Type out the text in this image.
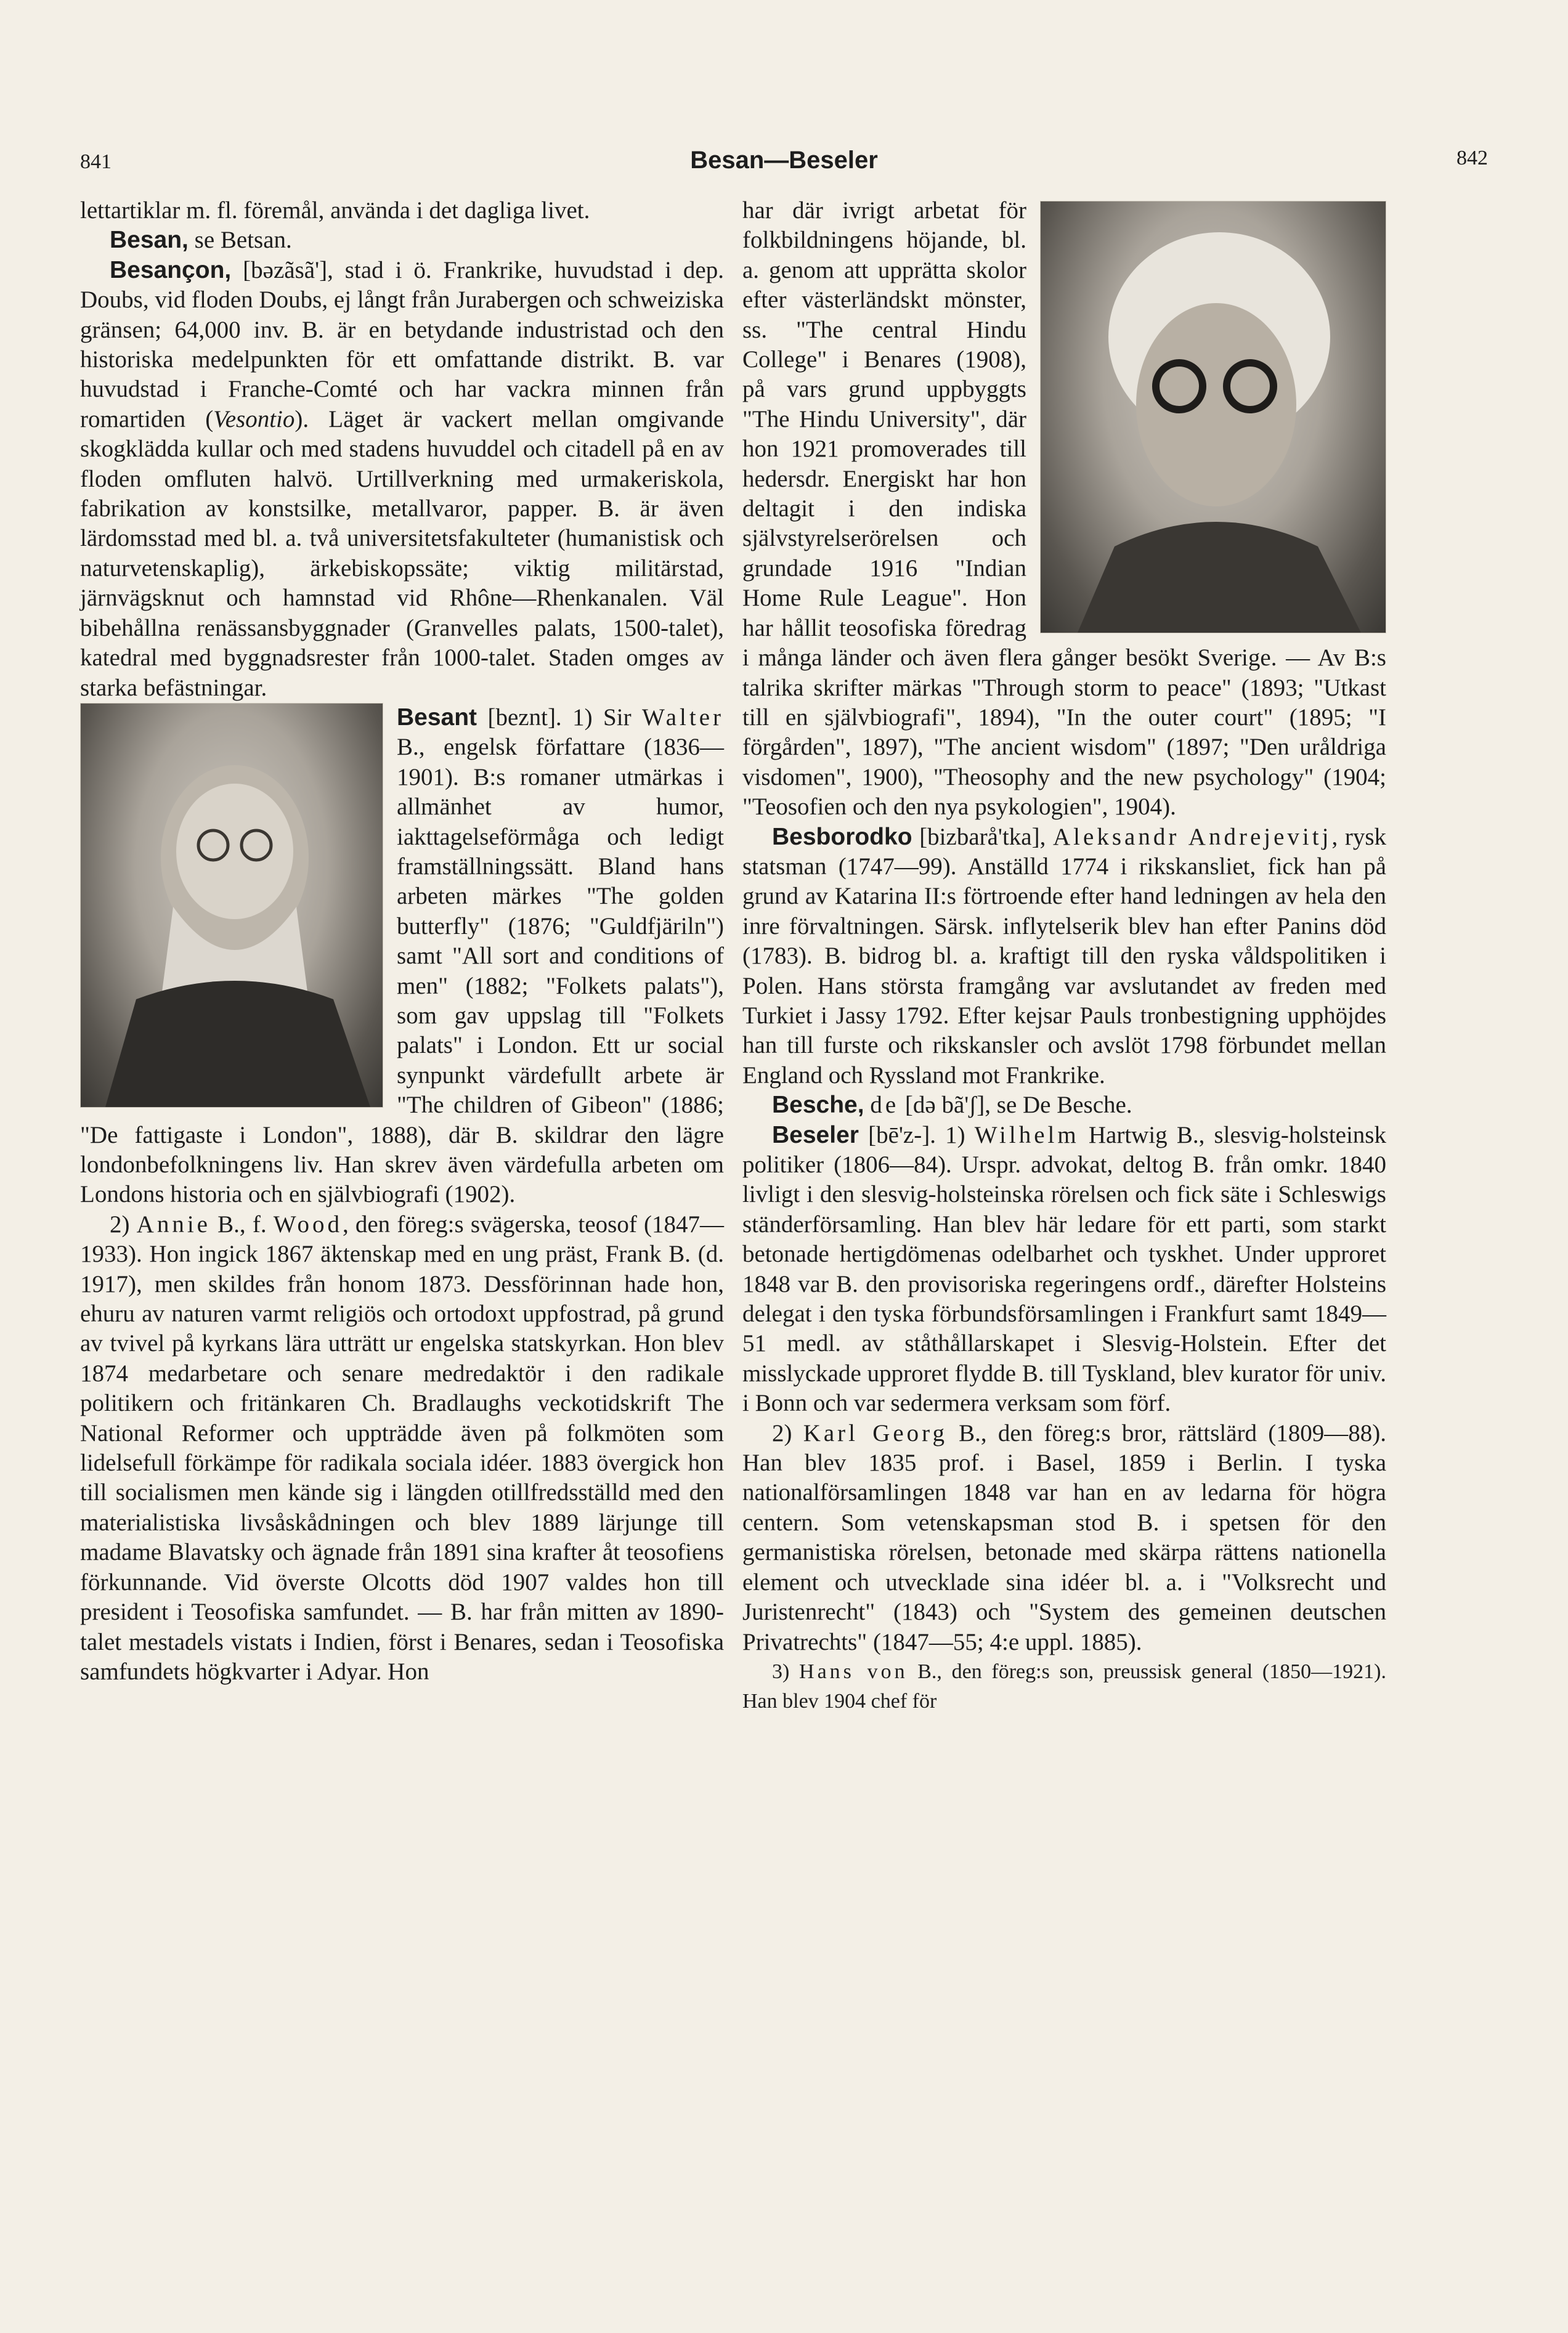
841	Besan—Beseler	842

lettartiklar m. fl. föremål, använda i det dagliga livet.

Besan, se Betsan.

Besançon, [bəzãsã'], stad i ö. Frankrike, huvudstad i dep. Doubs, vid floden Doubs, ej långt från Jurabergen och schweiziska gränsen; 64,000 inv. B. är en betydande industristad och den historiska medelpunkten för ett omfattande distrikt. B. var huvudstad i Franche-Comté och har vackra minnen från romartiden (Vesontio). Läget är vackert mellan omgivande skogklädda kullar och med stadens huvuddel och citadell på en av floden omfluten halvö. Urtillverkning med urmakeriskola, fabrikation av konstsilke, metallvaror, papper. B. är även lärdomsstad med bl. a. två universitetsfakulteter (humanistisk och naturvetenskaplig), ärkebiskopssäte; viktig militärstad, järnvägsknut och hamnstad vid Rhône—Rhenkanalen. Väl bibehållna renässansbyggnader (Granvelles palats, 1500-talet), katedral med byggnadsrester från 1000-talet. Staden omges av starka befästningar.

Besant [beznt]. 1) Sir Walter B., engelsk författare (1836—1901). B:s romaner utmärkas i allmänhet av humor, iakttagelseförmåga och ledigt framställningssätt. Bland hans arbeten märkes "The golden butterfly" (1876; "Guldfjäriln") samt "All sort and conditions of men" (1882; "Folkets palats"), som gav uppslag till "Folkets palats" i London. Ett ur social synpunkt värdefullt arbete är "The children of Gibeon" (1886; "De fattigaste i London", 1888), där B. skildrar den lägre londonbefolkningens liv. Han skrev även värdefulla arbeten om Londons historia och en självbiografi (1902).

2) Annie B., f. Wood, den föreg:s svägerska, teosof (1847—1933). Hon ingick 1867 äktenskap med en ung präst, Frank B. (d. 1917), men skildes från honom 1873. Dessförinnan hade hon, ehuru av naturen varmt religiös och ortodoxt uppfostrad, på grund av tvivel på kyrkans lära utträtt ur engelska statskyrkan. Hon blev 1874 medarbetare och senare medredaktör i den radikale politikern och fritänkaren Ch. Bradlaughs veckotidskrift The National Reformer och uppträdde även på folkmöten som lidelsefull förkämpe för radikala sociala idéer. 1883 övergick hon till socialismen men kände sig i längden otillfredsställd med den materialistiska livsåskådningen och blev 1889 lärjunge till madame Blavatsky och ägnade från 1891 sina krafter åt teosofiens förkunnande. Vid överste Olcotts död 1907 valdes hon till president i Teosofiska samfundet. — B. har från mitten av 1890-talet mestadels vistats i Indien, först i Benares, sedan i Teosofiska samfundets högkvarter i Adyar. Hon

har där ivrigt arbetat för folkbildningens höjande, bl. a. genom att upprätta skolor efter västerländskt mönster, ss. "The central Hindu College" i Benares (1908), på vars grund uppbyggts "The Hindu University", där hon 1921 promoverades till hedersdr. Energiskt har hon deltagit i den indiska självstyrelserörelsen och grundade 1916 "Indian Home Rule League". Hon har hållit teosofiska föredrag i många länder och även flera gånger besökt Sverige. — Av B:s talrika skrifter märkas "Through storm to peace" (1893; "Utkast till en självbiografi", 1894), "In the outer court" (1895; "I förgården", 1897), "The ancient wisdom" (1897; "Den uråldriga visdomen", 1900), "Theosophy and the new psychology" (1904; "Teosofien och den nya psykologien", 1904).

Besborodko [bizbarå'tka], Aleksandr Andrejevitj, rysk statsman (1747—99). Anställd 1774 i rikskansliet, fick han på grund av Katarina II:s förtroende efter hand ledningen av hela den inre förvaltningen. Särsk. inflytelserik blev han efter Panins död (1783). B. bidrog bl. a. kraftigt till den ryska våldspolitiken i Polen. Hans största framgång var avslutandet av freden med Turkiet i Jassy 1792. Efter kejsar Pauls tronbestigning upphöjdes han till furste och rikskansler och avslöt 1798 förbundet mellan England och Ryssland mot Frankrike.

Besche, de [də bã'ʃ], se De Besche.

Beseler [bē'z-]. 1) Wilhelm Hartwig B., slesvig-holsteinsk politiker (1806—84). Urspr. advokat, deltog B. från omkr. 1840 livligt i den slesvig-holsteinska rörelsen och fick säte i Schleswigs ständerförsamling. Han blev här ledare för ett parti, som starkt betonade hertigdömenas odelbarhet och tyskhet. Under upproret 1848 var B. den provisoriska regeringens ordf., därefter Holsteins delegat i den tyska förbundsförsamlingen i Frankfurt samt 1849—51 medl. av ståthållarskapet i Slesvig-Holstein. Efter det misslyckade upproret flydde B. till Tyskland, blev kurator för univ. i Bonn och var sedermera verksam som förf.

2) Karl Georg B., den föreg:s bror, rättslärd (1809—88). Han blev 1835 prof. i Basel, 1859 i Berlin. I tyska nationalförsamlingen 1848 var han en av ledarna för högra centern. Som vetenskapsman stod B. i spetsen för den germanistiska rörelsen, betonade med skärpa rättens nationella element och utvecklade sina idéer bl. a. i "Volksrecht und Juristenrecht" (1843) och "System des gemeinen deutschen Privatrechts" (1847—55; 4:e uppl. 1885).

3) Hans von B., den föreg:s son, preussisk general (1850—1921). Han blev 1904 chef för
